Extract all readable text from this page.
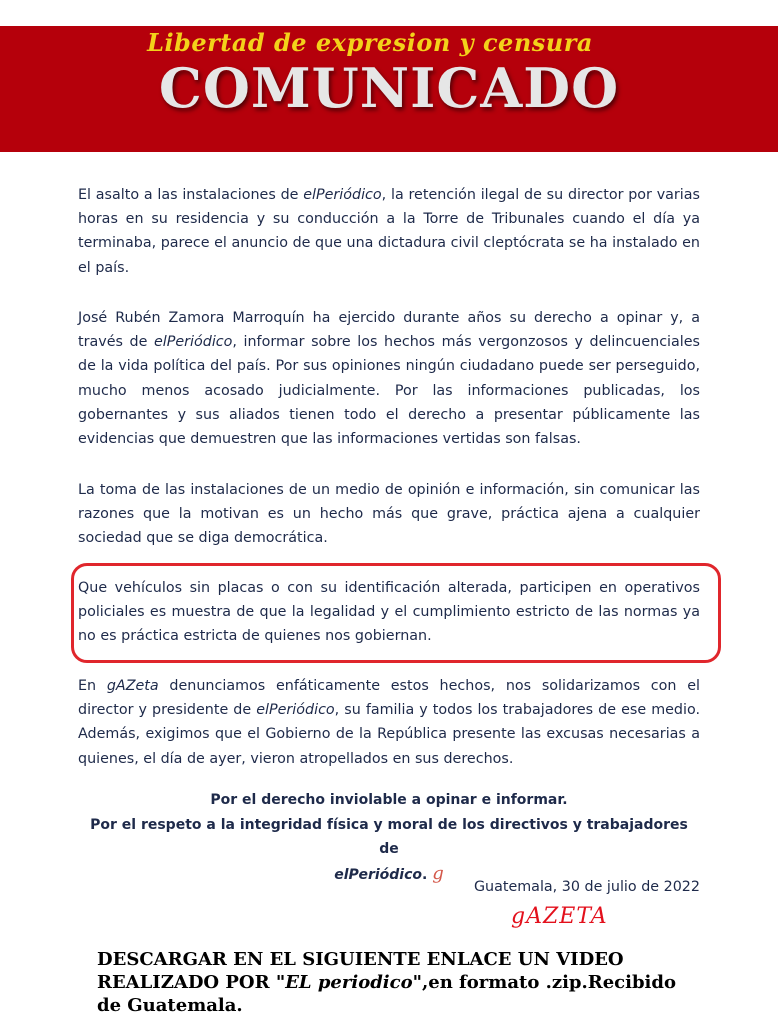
Libertad de expresion y censura
COMUNICADO

El asalto a las instalaciones de elPeriódico, la retención ilegal de su director por varias horas en su residencia y su conducción a la Torre de Tribunales cuando el día ya terminaba, parece el anuncio de que una dictadura civil cleptócrata se ha instalado en el país.

José Rubén Zamora Marroquín ha ejercido durante años su derecho a opinar y, a través de elPeriódico, informar sobre los hechos más vergonzosos y delincuenciales de la vida política del país. Por sus opiniones ningún ciudadano puede ser perseguido, mucho menos acosado judicialmente. Por las informaciones publicadas, los gobernantes y sus aliados tienen todo el derecho a presentar públicamente las evidencias que demuestren que las informaciones vertidas son falsas.

La toma de las instalaciones de un medio de opinión e información, sin comunicar las razones que la motivan es un hecho más que grave, práctica ajena a cualquier sociedad que se diga democrática.

Que vehículos sin placas o con su identificación alterada, participen en operativos policiales es muestra de que la legalidad y el cumplimiento estricto de las normas ya no es práctica estricta de quienes nos gobiernan.

En gAZeta denunciamos enfáticamente estos hechos, nos solidarizamos con el director y presidente de elPeriódico, su familia y todos los trabajadores de ese medio. Además, exigimos que el Gobierno de la República presente las excusas necesarias a quienes, el día de ayer, vieron atropellados en sus derechos.

Por el derecho inviolable a opinar e informar.
Por el respeto a la integridad física y moral de los directivos y trabajadores de
elPeriódico. g
Guatemala, 30 de julio de 2022
gAZETA

DESCARGAR EN EL SIGUIENTE ENLACE UN VIDEO REALIZADO POR "EL periodico",en formato .zip.Recibido de Guatemala.
